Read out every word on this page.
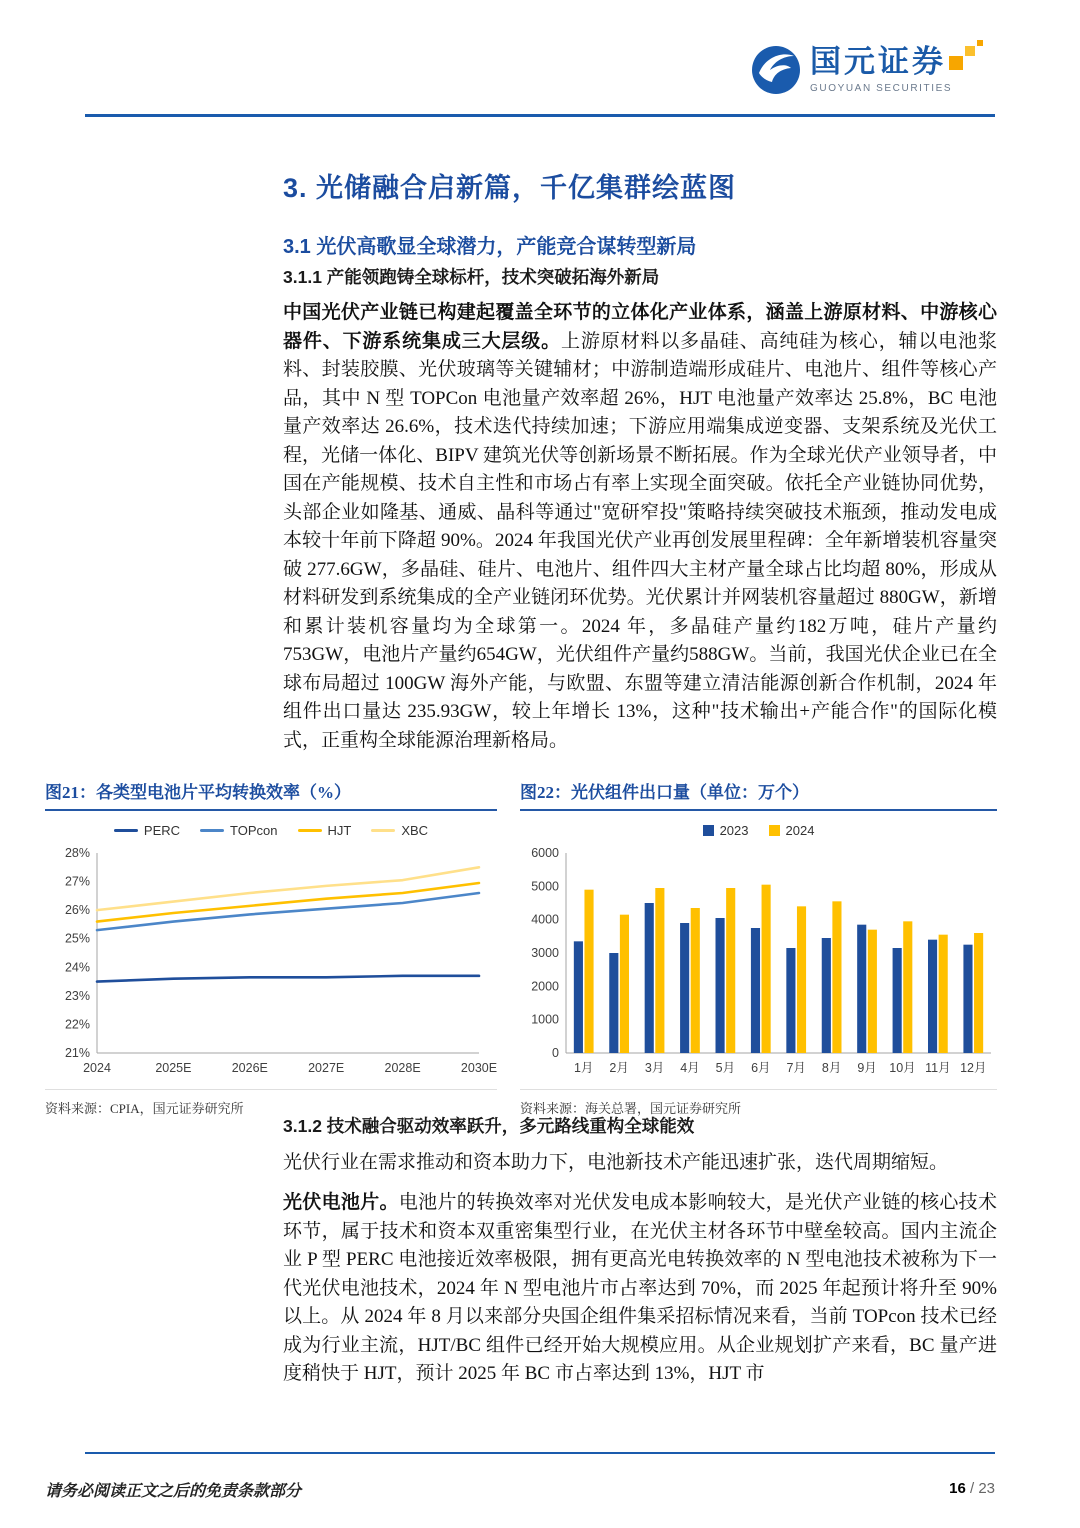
国元证券
GUOYUAN SECURITIES
3. 光储融合启新篇，千亿集群绘蓝图
3.1 光伏高歌显全球潜力，产能竞合谋转型新局
3.1.1 产能领跑铸全球标杆，技术突破拓海外新局
中国光伏产业链已构建起覆盖全环节的立体化产业体系，涵盖上游原材料、中游核心器件、下游系统集成三大层级。上游原材料以多晶硅、高纯硅为核心，辅以电池浆料、封装胶膜、光伏玻璃等关键辅材；中游制造端形成硅片、电池片、组件等核心产品，其中 N 型 TOPCon 电池量产效率超 26%，HJT 电池量产效率达 25.8%，BC 电池量产效率达 26.6%，技术迭代持续加速；下游应用端集成逆变器、支架系统及光伏工程，光储一体化、BIPV 建筑光伏等创新场景不断拓展。作为全球光伏产业领导者，中国在产能规模、技术自主性和市场占有率上实现全面突破。依托全产业链协同优势，头部企业如隆基、通威、晶科等通过"宽研窄投"策略持续突破技术瓶颈，推动发电成本较十年前下降超 90%。2024 年我国光伏产业再创发展里程碑：全年新增装机容量突破 277.6GW，多晶硅、硅片、电池片、组件四大主材产量全球占比均超 80%，形成从材料研发到系统集成的全产业链闭环优势。光伏累计并网装机容量超过 880GW，新增和累计装机容量均为全球第一。2024 年，多晶硅产量约182万吨，硅片产量约753GW，电池片产量约654GW，光伏组件产量约588GW。当前，我国光伏企业已在全球布局超过 100GW 海外产能，与欧盟、东盟等建立清洁能源创新合作机制，2024 年组件出口量达 235.93GW，较上年增长 13%，这种"技术输出+产能合作"的国际化模式，正重构全球能源治理新格局。
图21：各类型电池片平均转换效率（%）
PERC	TOPcon	HJT	XBC
21%
22%
23%
24%
25%
26%
27%
28%
2024	2025E	2026E	2027E	2028E	2030E
资料来源：CPIA，国元证券研究所
图22：光伏组件出口量（单位：万个）
2023	2024
0
1000
2000
3000
4000
5000
6000
1月 2月 3月 4月 5月 6月 7月 8月 9月 10月 11月 12月
资料来源：海关总署，国元证券研究所
3.1.2 技术融合驱动效率跃升，多元路线重构全球能效
光伏行业在需求推动和资本助力下，电池新技术产能迅速扩张，迭代周期缩短。
光伏电池片。电池片的转换效率对光伏发电成本影响较大，是光伏产业链的核心技术环节，属于技术和资本双重密集型行业，在光伏主材各环节中壁垒较高。国内主流企业 P 型 PERC 电池接近效率极限，拥有更高光电转换效率的 N 型电池技术被称为下一代光伏电池技术，2024 年 N 型电池片市占率达到 70%，而 2025 年起预计将升至 90%以上。从 2024 年 8 月以来部分央国企组件集采招标情况来看，当前 TOPcon 技术已经成为行业主流，HJT/BC 组件已经开始大规模应用。从企业规划扩产来看，BC 量产进度稍快于 HJT，预计 2025 年 BC 市占率达到 13%，HJT 市
请务必阅读正文之后的免责条款部分	16 / 23
